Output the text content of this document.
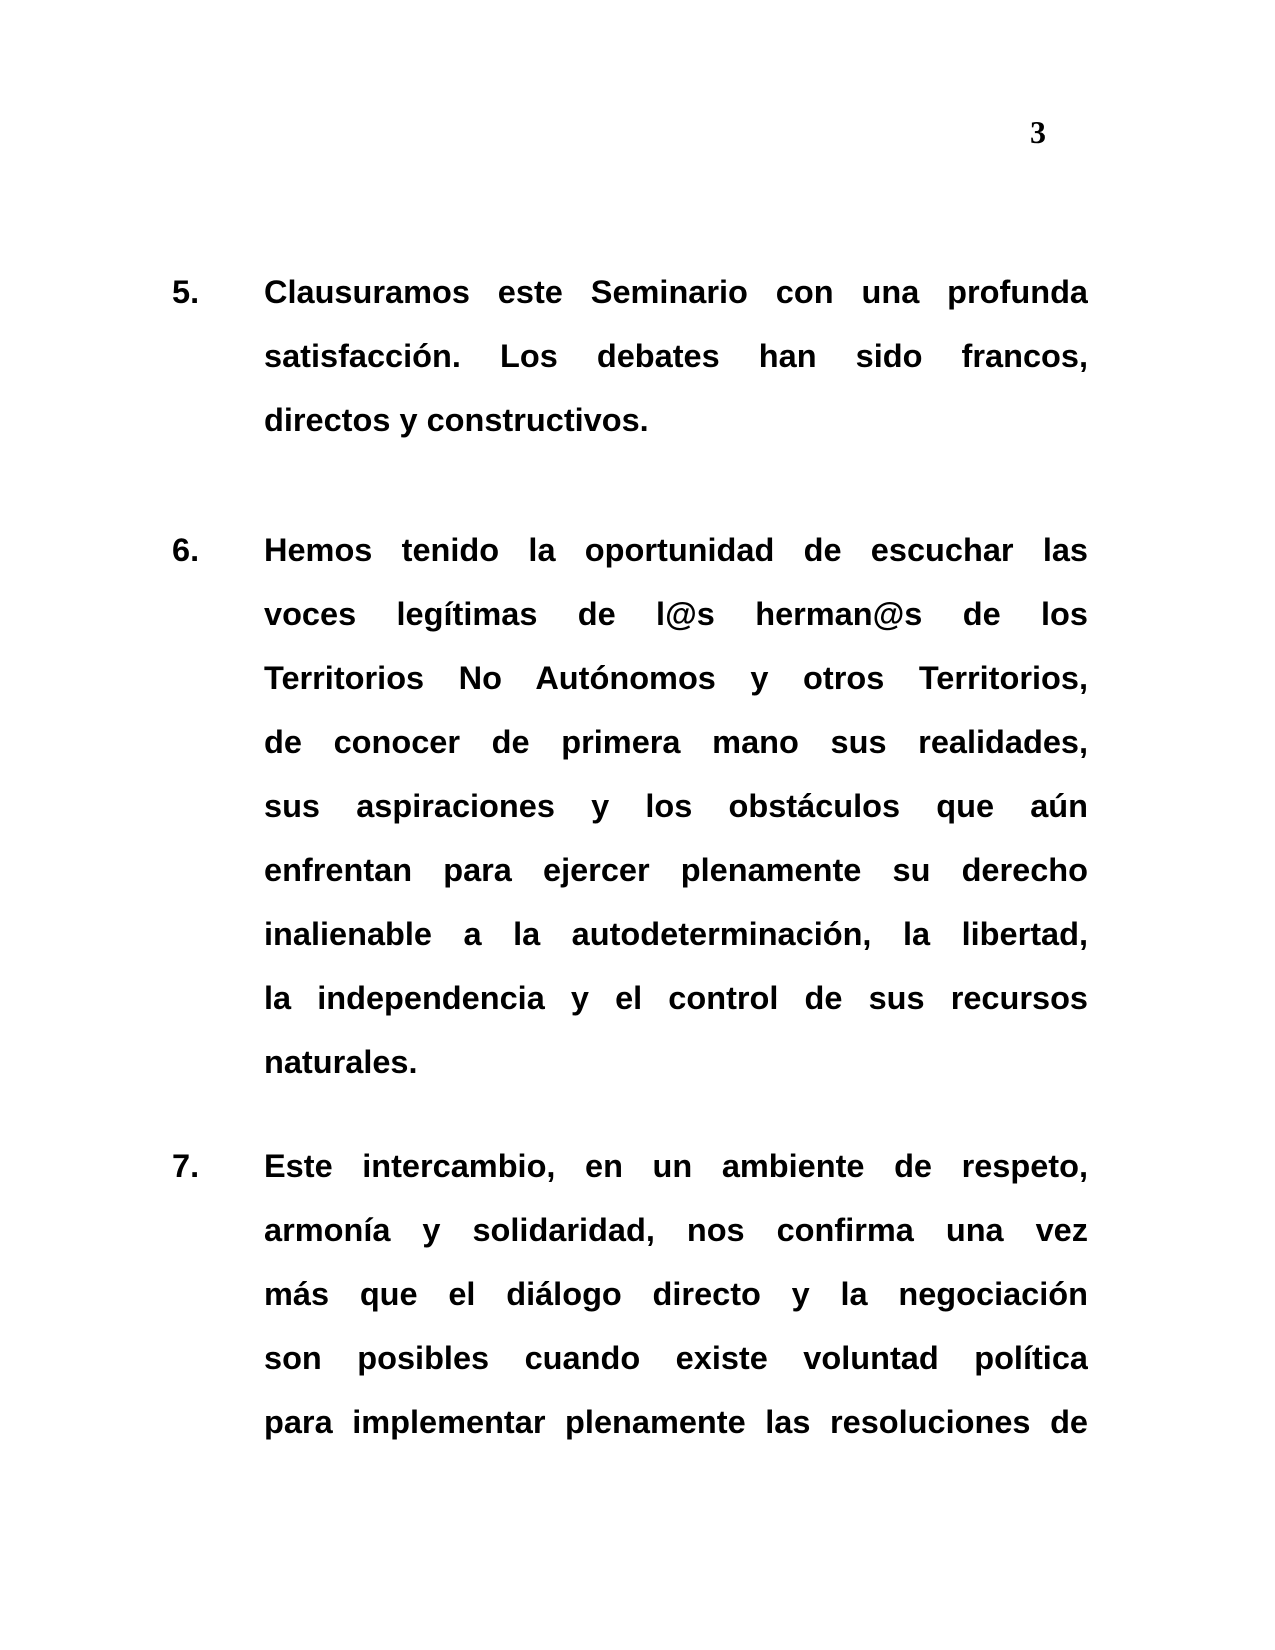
3
5.	Clausuramos este Seminario con una profunda
satisfacción. Los debates han sido francos,
directos y constructivos.
6.	Hemos tenido la oportunidad de escuchar las
voces legítimas de l@s herman@s de los
Territorios No Autónomos y otros Territorios,
de conocer de primera mano sus realidades,
sus aspiraciones y los obstáculos que aún
enfrentan para ejercer plenamente su derecho
inalienable a la autodeterminación, la libertad,
la independencia y el control de sus recursos
naturales.
7.	Este intercambio, en un ambiente de respeto,
armonía y solidaridad, nos confirma una vez
más que el diálogo directo y la negociación
son posibles cuando existe voluntad política
para implementar plenamente las resoluciones de
